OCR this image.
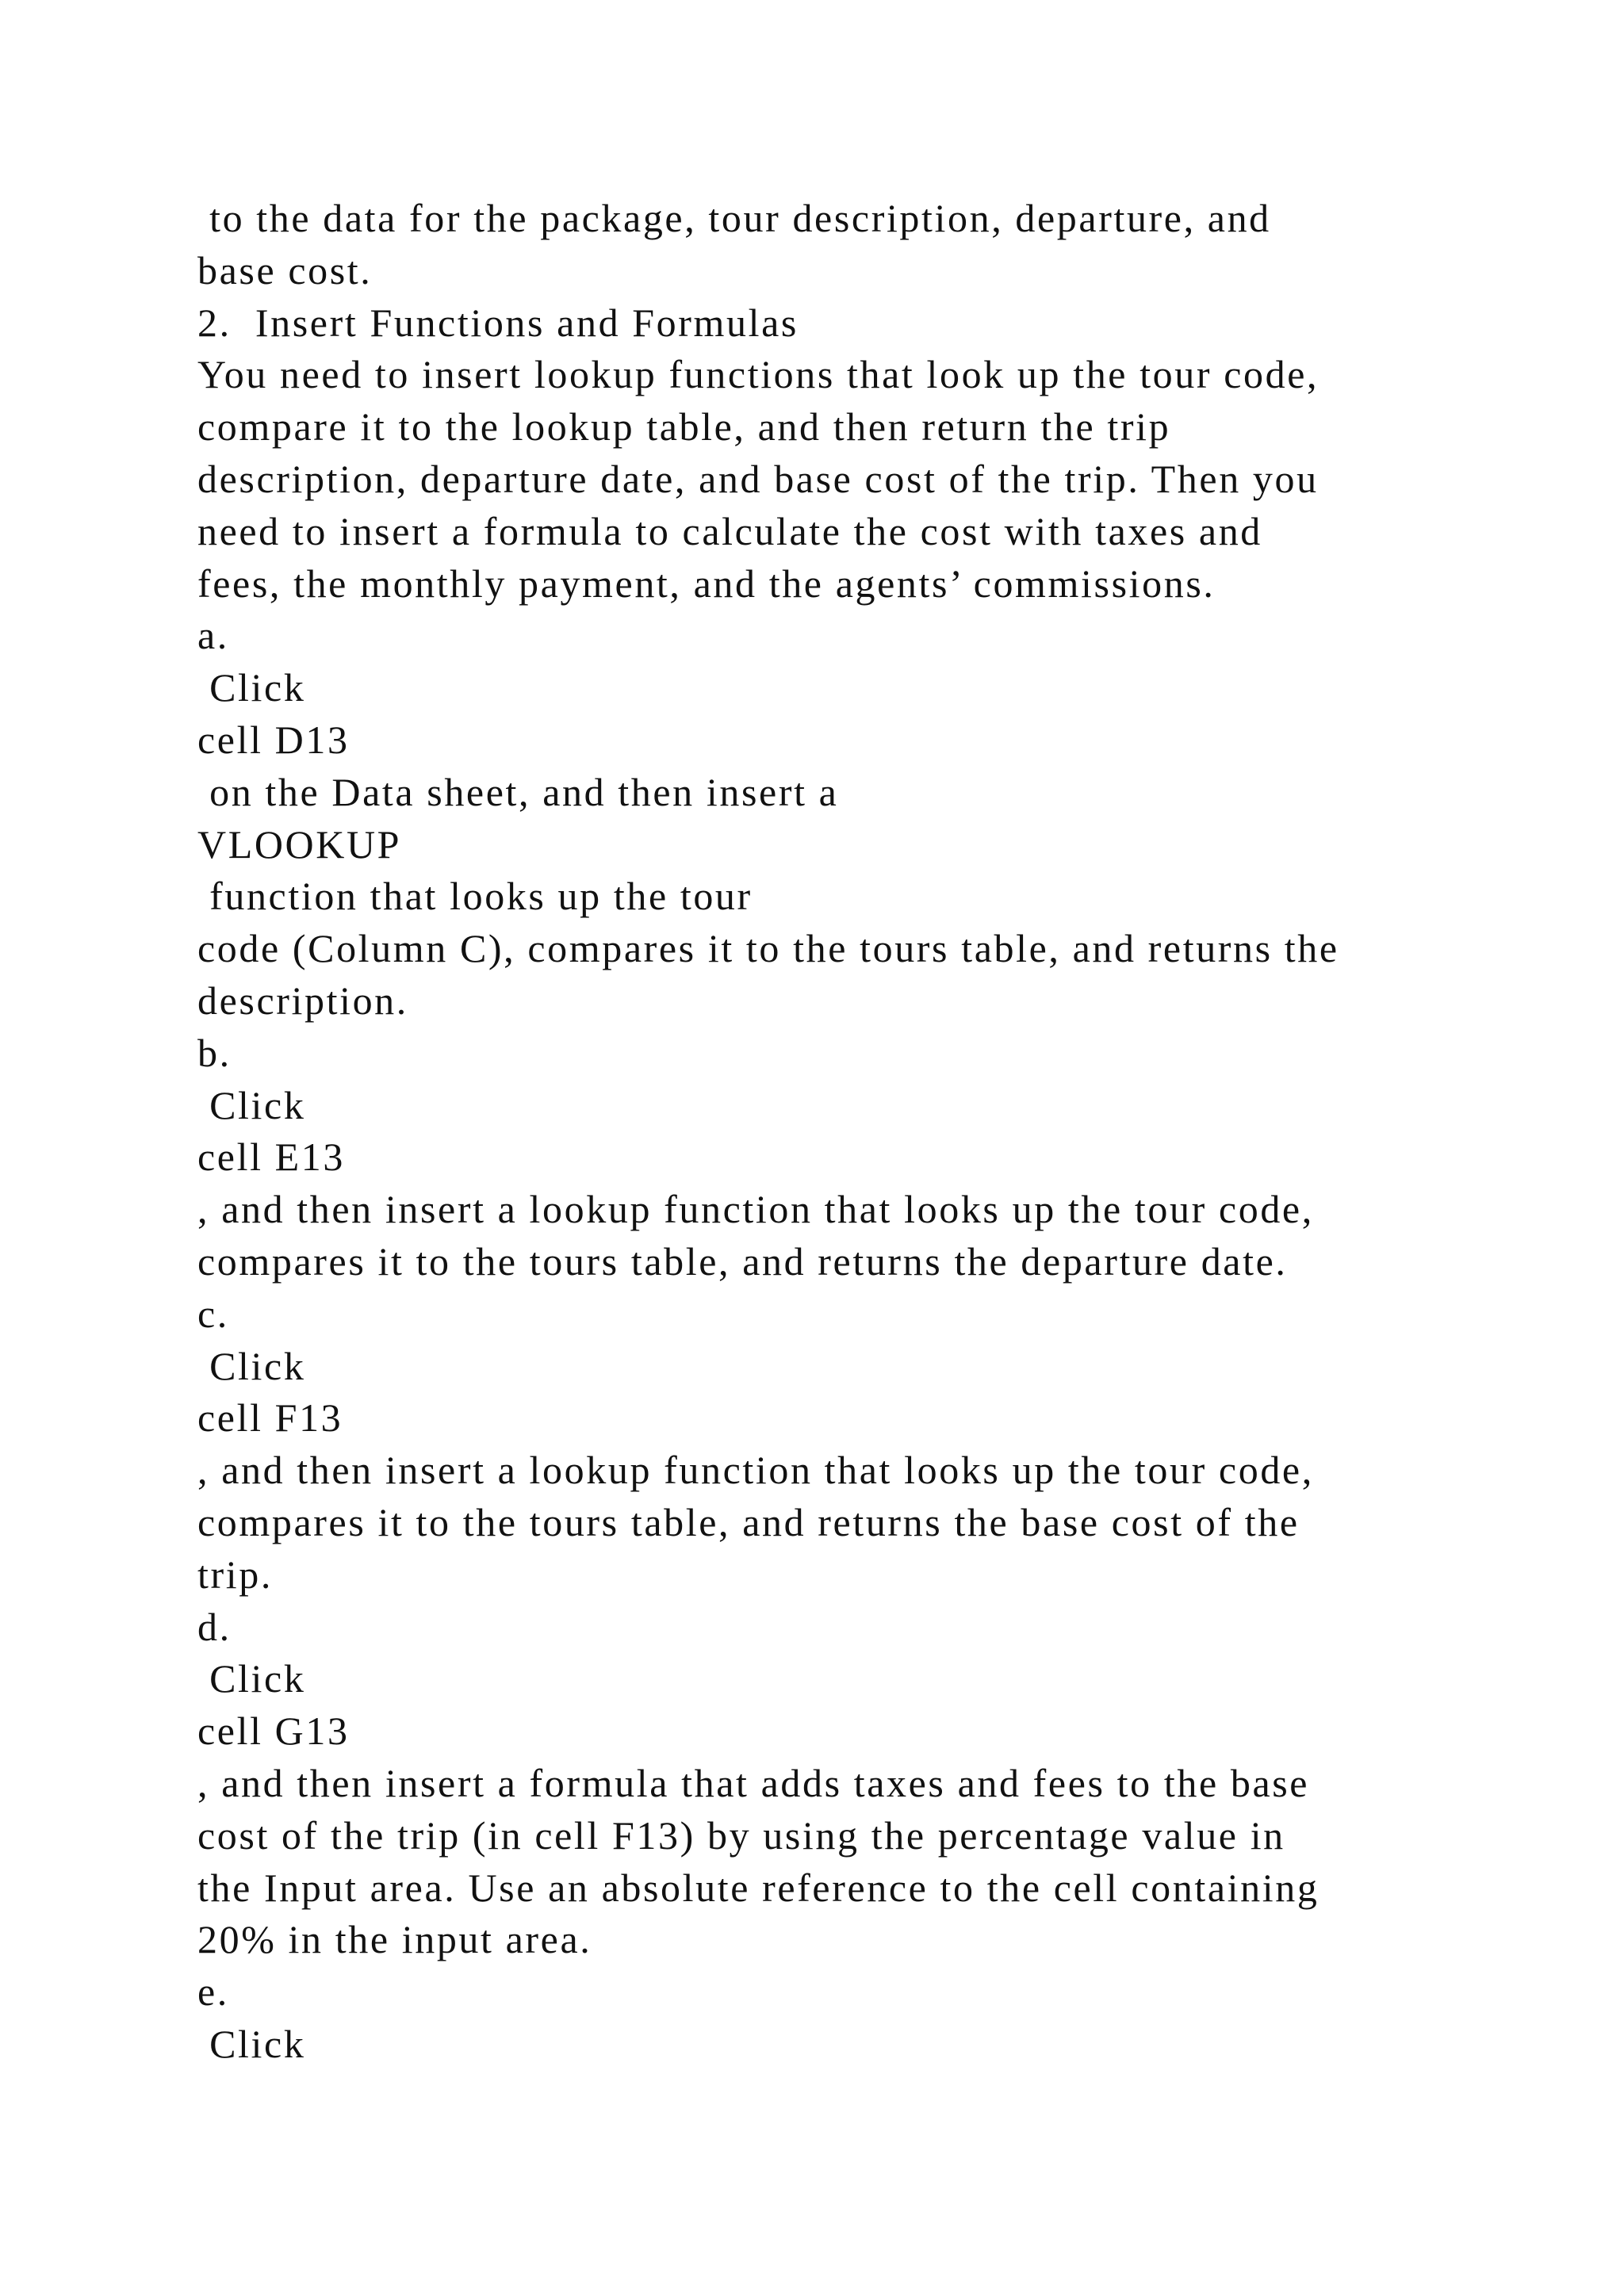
to the data for the package, tour description, departure, and
base cost.
2.  Insert Functions and Formulas
You need to insert lookup functions that look up the tour code,
compare it to the lookup table, and then return the trip
description, departure date, and base cost of the trip. Then you
need to insert a formula to calculate the cost with taxes and
fees, the monthly payment, and the agents’ commissions.
a.
Click
cell D13
on the Data sheet, and then insert a
VLOOKUP
function that looks up the tour
code (Column C), compares it to the tours table, and returns the
description.
b.
Click
cell E13
, and then insert a lookup function that looks up the tour code,
compares it to the tours table, and returns the departure date.
c.
Click
cell F13
, and then insert a lookup function that looks up the tour code,
compares it to the tours table, and returns the base cost of the
trip.
d.
Click
cell G13
, and then insert a formula that adds taxes and fees to the base
cost of the trip (in cell F13) by using the percentage value in
the Input area. Use an absolute reference to the cell containing
20% in the input area.
e.
Click
